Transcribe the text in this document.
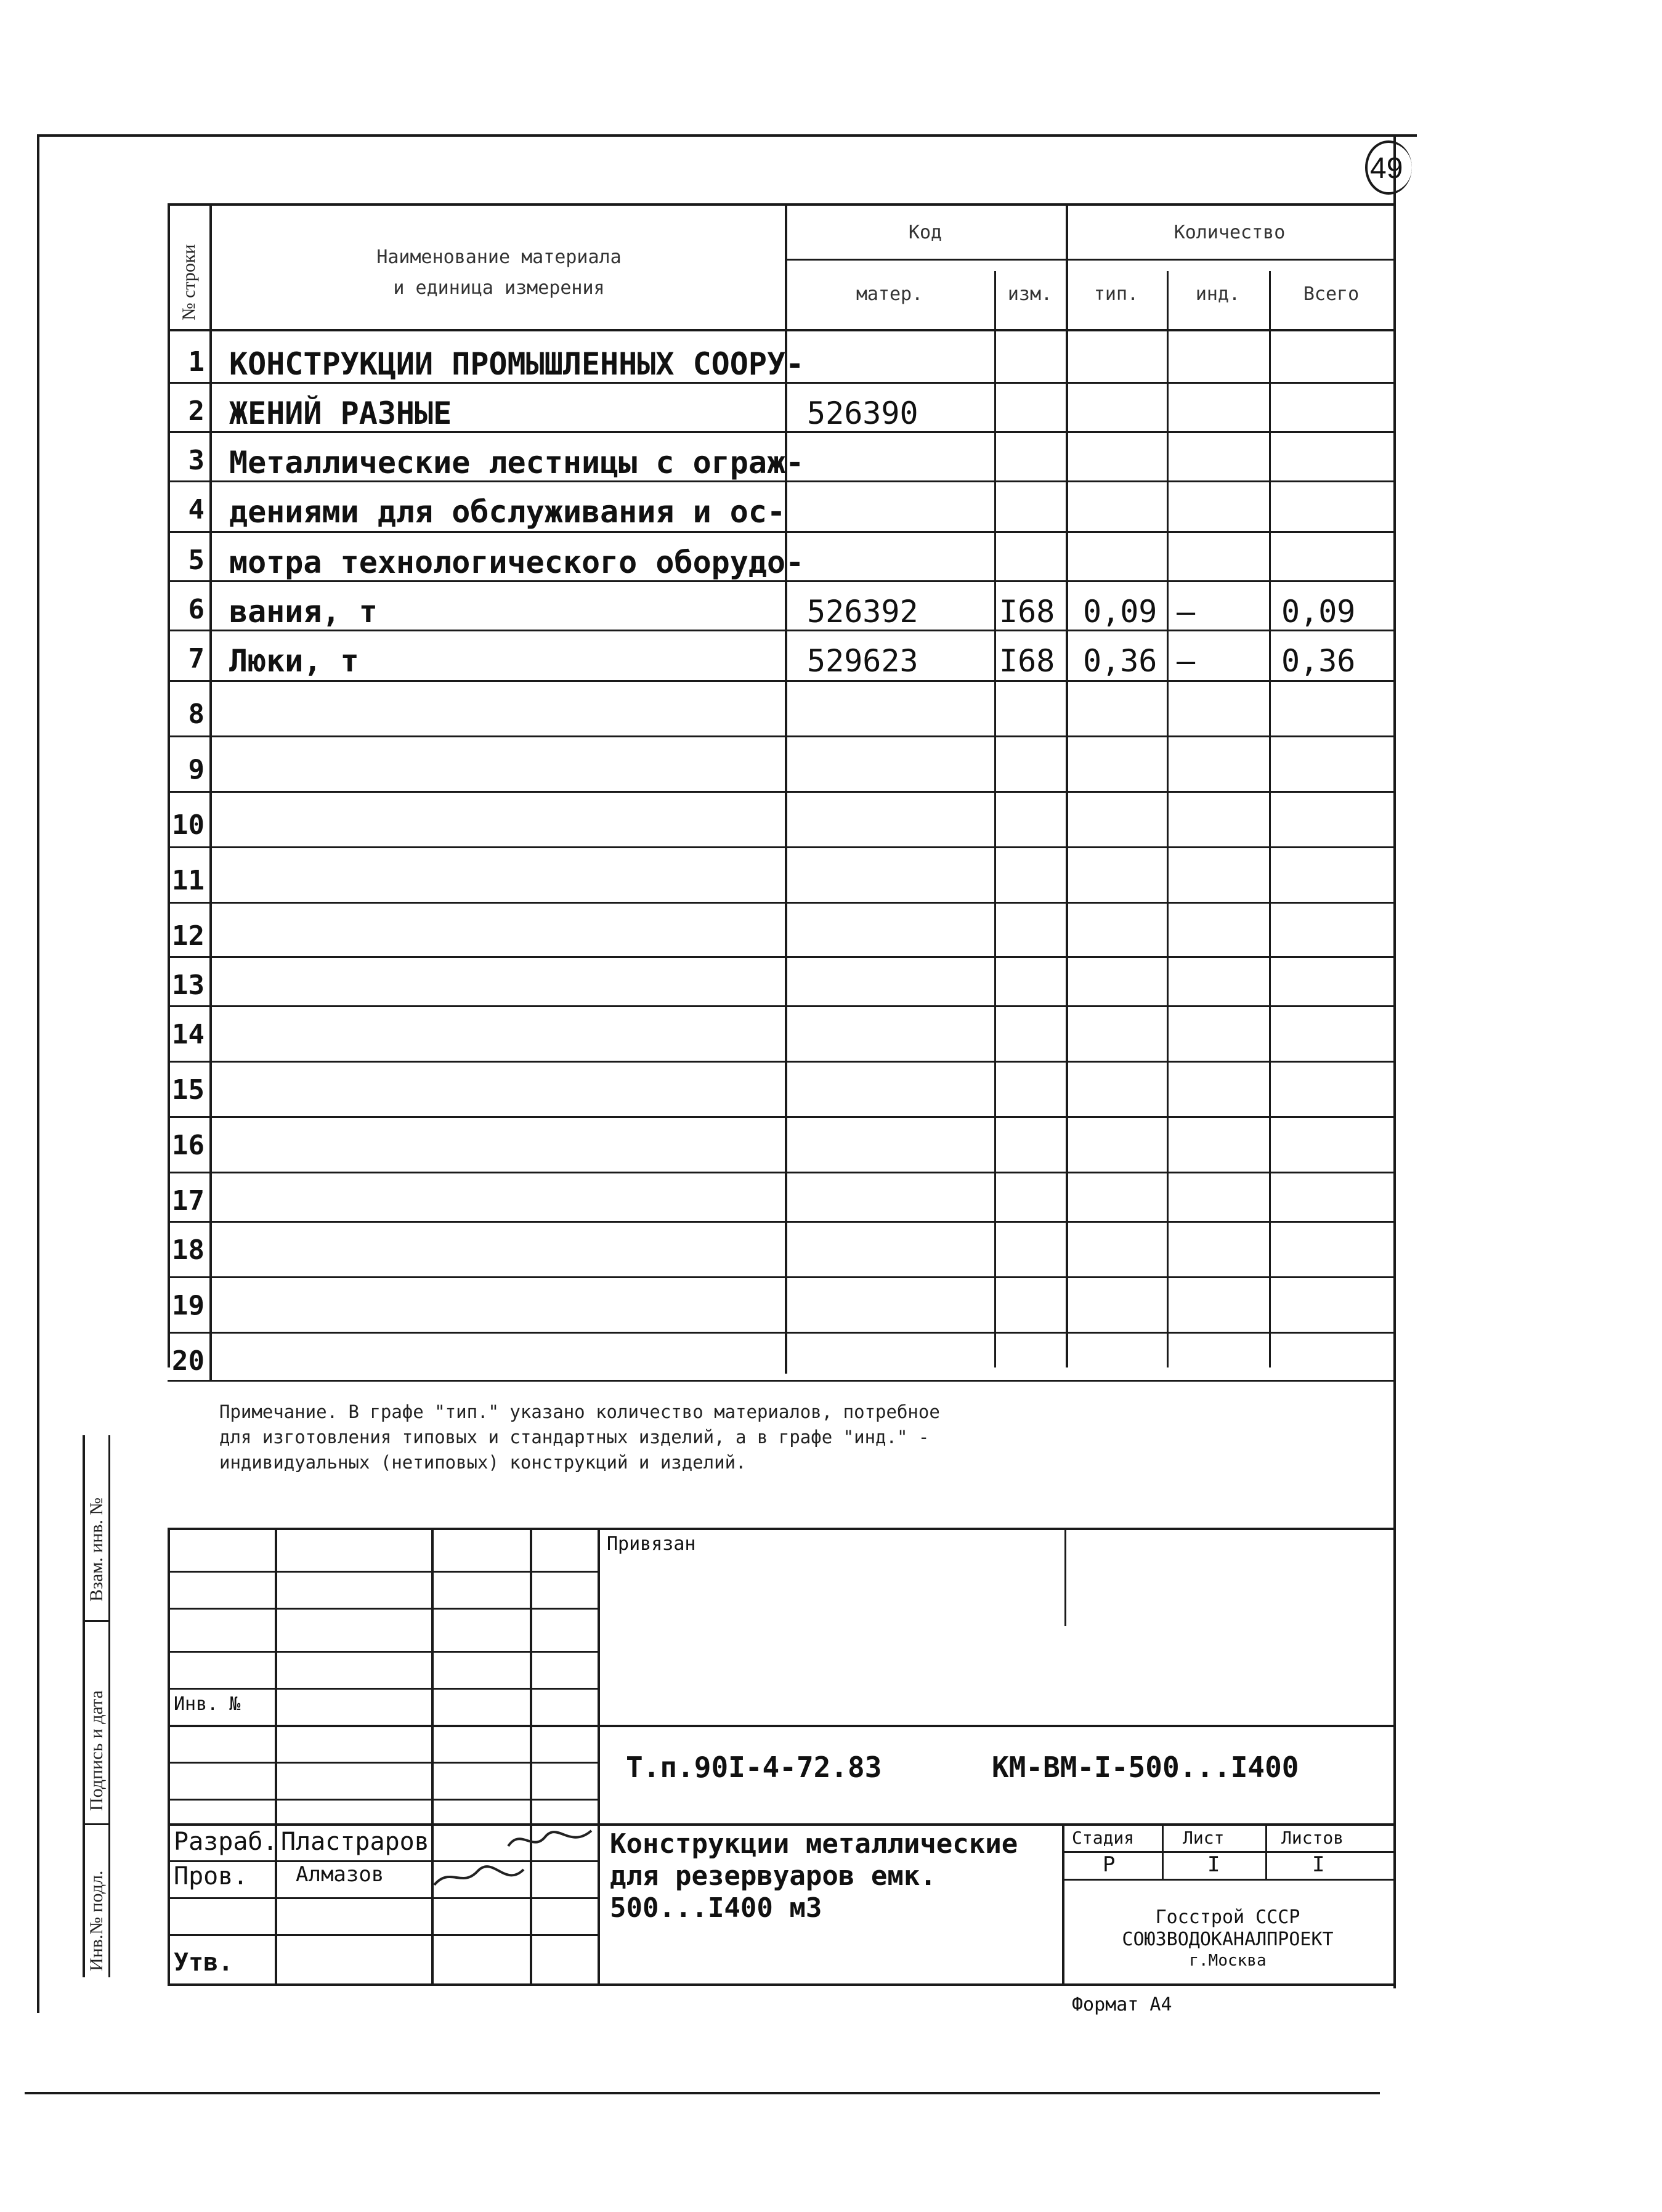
49
№ строки	Наименование материала
и единица измерения
Код
матер.	изм.
Количество
тип.	инд.	Всего
1 КОНСТРУКЦИИ ПРОМЫШЛЕННЫХ СООРУ-
2 ЖЕНИЙ РАЗНЫЕ	526390
3 Металлические лестницы с ограж-
4 дениями для обслуживания и ос-
5 мотра технологического оборудо-
6 вания, т	526392	I68 0,09 –	0,09
7 Люки, т	529623	I68 0,36 –	0,36
8
9
10
11
12
13
14
15
16
17
18
19
20
Примечание. В графе "тип." указано количество материалов, потребное для изготовления типовых и стандартных изделий, а в графе "инд." - индивидуальных (нетиповых) конструкций и изделий.
Инв.№ подл.
Подпись и дата
Взам. инв. №	Привязан
Инв. №
Т.п.90I-4-72.83	КМ-ВМ-I-500...I400
Разраб. Пластраров
Пров. Алмазов
Утв.
Конструкции металлические
для резервуаров емк.
500...I400 м3
Стадия	Лист	Листов
Р	I	I
Госстрой СССР
СОЮЗВОДОКАНАЛПРОЕКТ
г.Москва
Формат А4
